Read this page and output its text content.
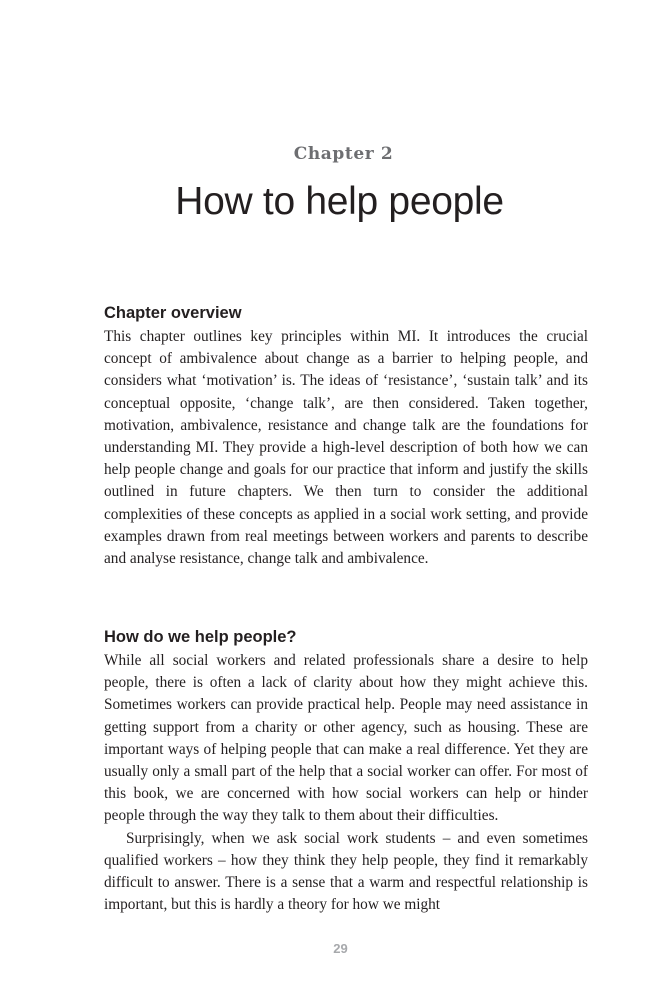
Chapter 2
How to help people
Chapter overview

This chapter outlines key principles within MI. It introduces the crucial concept of ambivalence about change as a barrier to helping people, and considers what ‘motivation’ is. The ideas of ‘resistance’, ‘sustain talk’ and its conceptual opposite, ‘change talk’, are then considered. Taken together, motivation, ambivalence, resistance and change talk are the foundations for understanding MI. They provide a high-level description of both how we can help people change and goals for our practice that inform and justify the skills outlined in future chapters. We then turn to consider the additional complexities of these concepts as applied in a social work setting, and provide examples drawn from real meetings between workers and parents to describe and analyse resistance, change talk and ambivalence.

How do we help people?

While all social workers and related professionals share a desire to help people, there is often a lack of clarity about how they might achieve this. Sometimes workers can provide practical help. People may need assistance in getting support from a charity or other agency, such as housing. These are important ways of helping people that can make a real difference. Yet they are usually only a small part of the help that a social worker can offer. For most of this book, we are concerned with how social workers can help or hinder people through the way they talk to them about their difficulties.

Surprisingly, when we ask social work students – and even sometimes qualified workers – how they think they help people, they find it remarkably difficult to answer. There is a sense that a warm and respectful relationship is important, but this is hardly a theory for how we might

29
